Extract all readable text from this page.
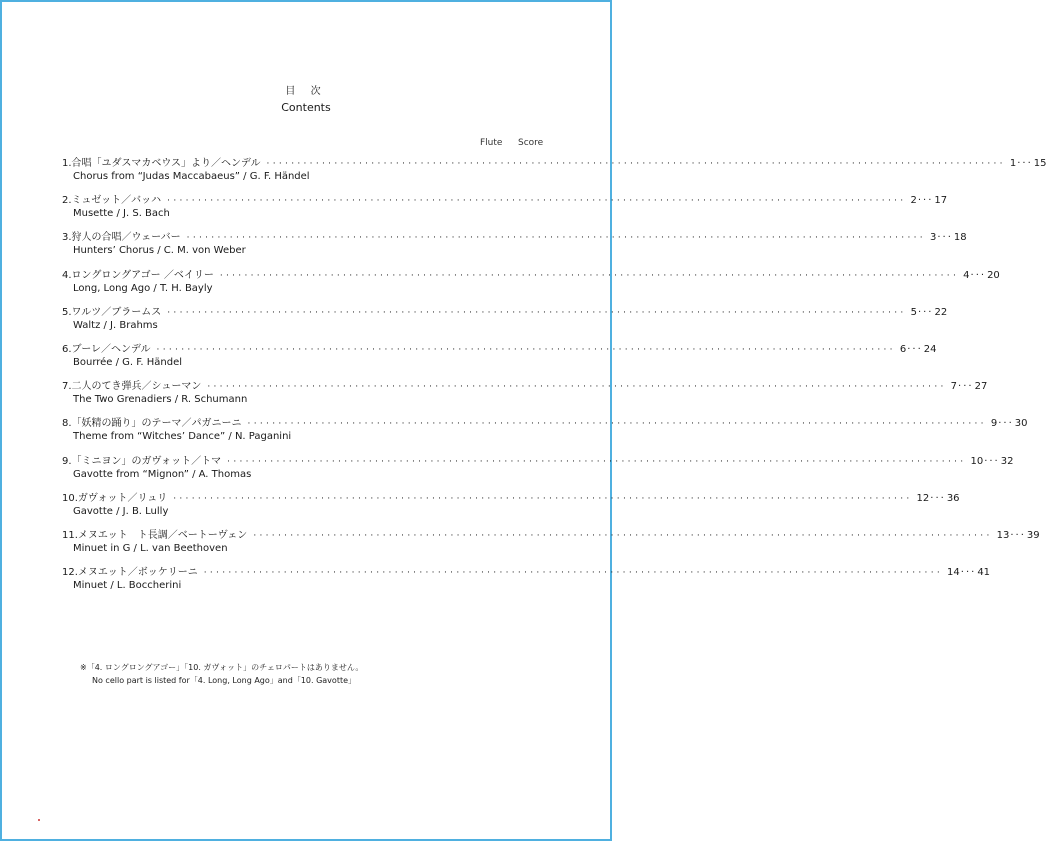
目 次
Contents
Flute Score
1. 合唱「ユダスマカベウス」より／ヘンデル ························································································································ 1···15
Chorus from “Judas Maccabaeus” / G. F. Händel
2. ミュゼット／バッハ ························································································································ 2···17
Musette / J. S. Bach
3. 狩人の合唱／ウェーバー ························································································································ 3···18
Hunters’ Chorus / C. M. von Weber
4. ロングロングアゴー ／ベイリー ························································································································ 4···20
Long, Long Ago / T. H. Bayly
5. ワルツ／ブラームス ························································································································ 5···22
Waltz / J. Brahms
6. ブーレ／ヘンデル ························································································································ 6···24
Bourrée / G. F. Händel
7. 二人のてき弾兵／シューマン ························································································································ 7···27
The Two Grenadiers / R. Schumann
8. 「妖精の踊り」のテーマ／パガニーニ ························································································································ 9···30
Theme from “Witches’ Dance” / N. Paganini
9. 「ミニヨン」のガヴォット／トマ ························································································································ 10···32
Gavotte from “Mignon” / A. Thomas
10. ガヴォット／リュリ ························································································································ 12···36
Gavotte / J. B. Lully
11. メヌエット　ト長調／ベートーヴェン ························································································································ 13···39
Minuet in G / L. van Beethoven
12. メヌエット／ボッケリーニ ························································································································ 14···41
Minuet / L. Boccherini
※「4. ロングロングアゴー」「10. ガヴォット」のチェロパートはありません。
No cello part is listed for「4. Long, Long Ago」and「10. Gavotte」
